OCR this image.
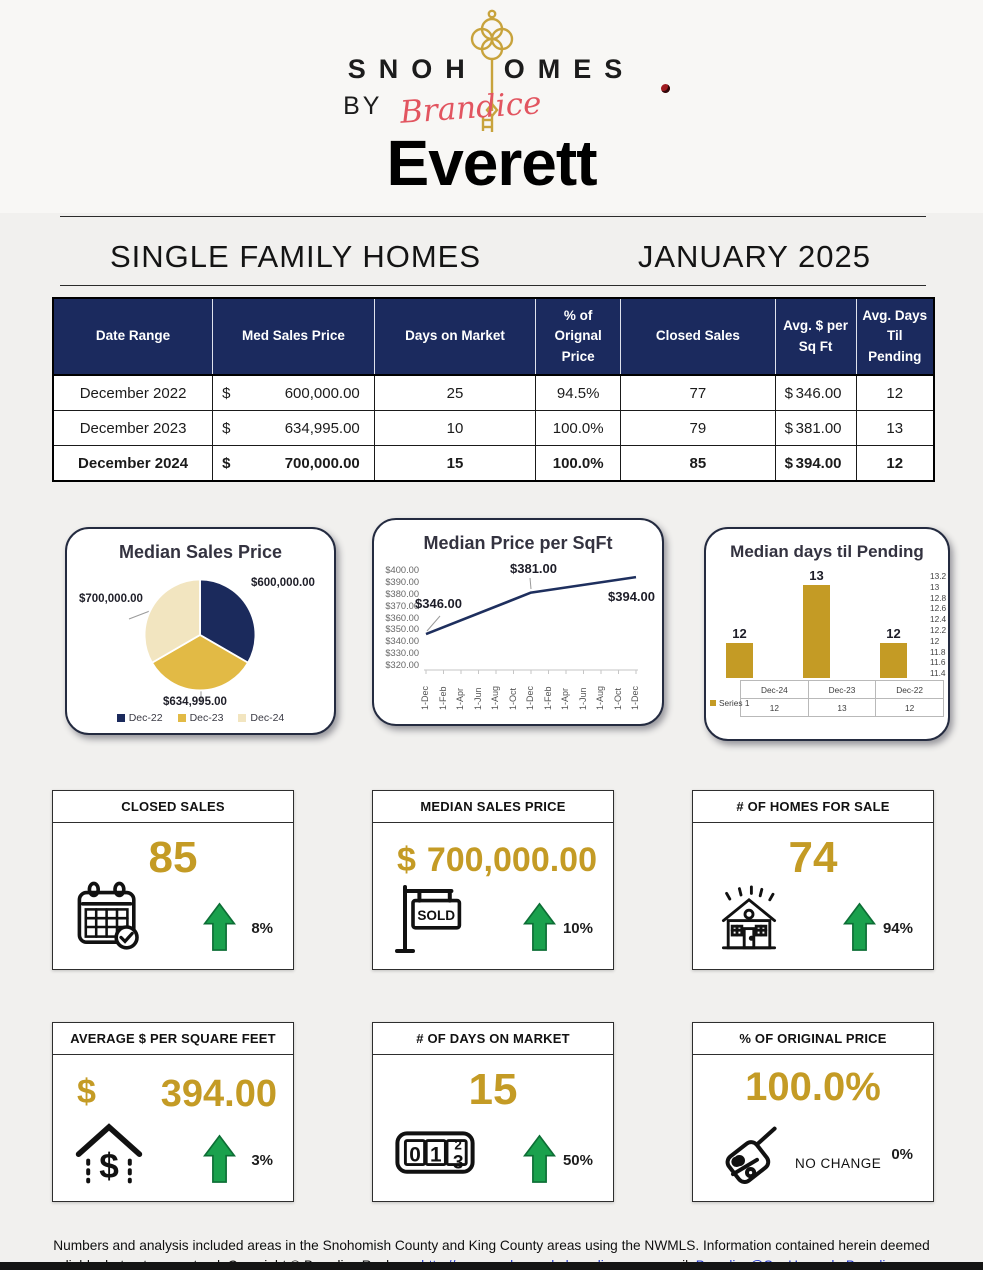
SNOH OMES
BY Brandice
Everett
SINGLE FAMILY HOMES	JANUARY 2025
Date Range	Med Sales Price	Days on Market	% of Orignal Price	Closed Sales	Avg. $ per Sq Ft	Avg. Days Til Pending
December 2022	$ 600,000.00	25	94.5%	77	$ 346.00	12
December 2023	$ 634,995.00	10	100.0%	79	$ 381.00	13
December 2024	$ 700,000.00	15	100.0%	85	$ 394.00	12
Median Sales Price
$600,000.00
$700,000.00
$634,995.00
Dec-22	Dec-23	Dec-24
Median Price per SqFt
$400.00
$390.00
$380.00
$370.00
$360.00
$350.00
$340.00
$330.00
$320.00
1-Dec 1-Feb 1-Apr 1-Jun 1-Aug 1-Oct 1-Dec 1-Feb 1-Apr 1-Jun 1-Aug 1-Oct 1-Dec
$346.00
$381.00
$394.00
Median days til Pending
12
13
12
13.2
13
12.8
12.6
12.4
12.2
12
11.8
11.6
11.4
Dec-24	Dec-23	Dec-22
12	13	12
Series 1
CLOSED SALES
85
8%
MEDIAN SALES PRICE
$ 700,000.00
SOLD
10%
# OF HOMES FOR SALE
74
94%
AVERAGE $ PER SQUARE FEET
$ 394.00
$	3%
# OF DAYS ON MARKET
15
0 1 2
3	50%
% OF ORIGINAL PRICE
100.0%
NO CHANGE
0%

Numbers and analysis included areas in the Snohomish County and King County areas using the NWMLS. Information contained herein deemed
